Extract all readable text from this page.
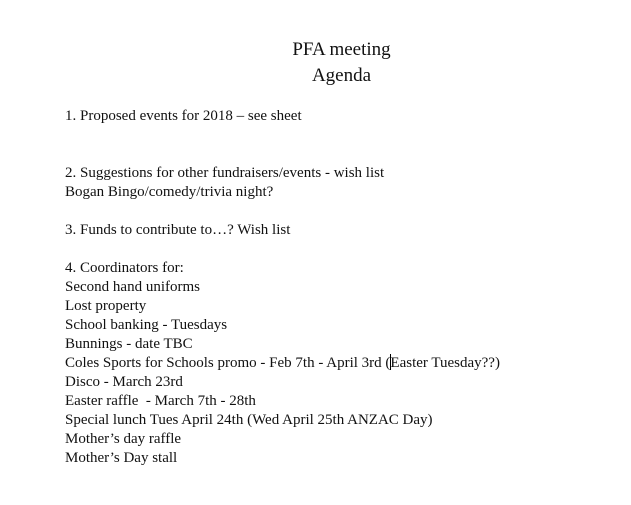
PFA meeting
Agenda
1. Proposed events for 2018 – see sheet
2. Suggestions for other fundraisers/events - wish list
Bogan Bingo/comedy/trivia night?
3. Funds to contribute to…? Wish list
4. Coordinators for:
Second hand uniforms
Lost property
School banking - Tuesdays
Bunnings - date TBC
Coles Sports for Schools promo - Feb 7th - April 3rd (Easter Tuesday??)
Disco - March 23rd
Easter raffle  - March 7th - 28th
Special lunch Tues April 24th (Wed April 25th ANZAC Day)
Mother’s day raffle
Mother’s Day stall
